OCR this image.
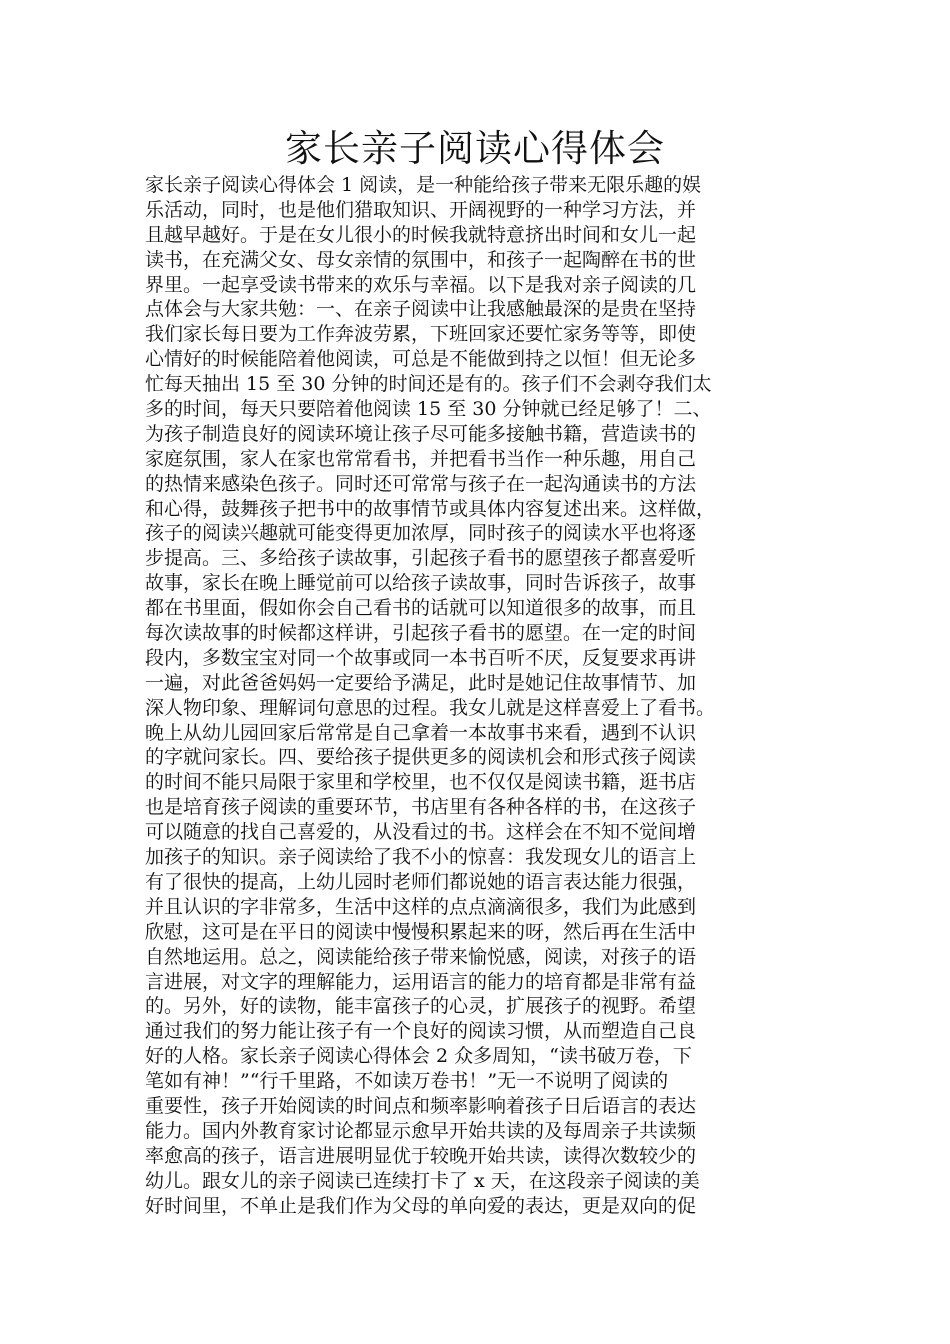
家长亲子阅读心得体会
家长亲子阅读心得体会 1 阅读，是一种能给孩子带来无限乐趣的娱
乐活动，同时，也是他们猎取知识、开阔视野的一种学习方法，并
且越早越好。于是在女儿很小的时候我就特意挤出时间和女儿一起
读书，在充满父女、母女亲情的氛围中，和孩子一起陶醉在书的世
界里。一起享受读书带来的欢乐与幸福。以下是我对亲子阅读的几
点体会与大家共勉：一、在亲子阅读中让我感触最深的是贵在坚持
我们家长每日要为工作奔波劳累，下班回家还要忙家务等等，即使
心情好的时候能陪着他阅读，可总是不能做到持之以恒！但无论多
忙每天抽出 15 至 30 分钟的时间还是有的。孩子们不会剥夺我们太
多的时间，每天只要陪着他阅读 15 至 30 分钟就已经足够了！二、
为孩子制造良好的阅读环境让孩子尽可能多接触书籍，营造读书的
家庭氛围，家人在家也常常看书，并把看书当作一种乐趣，用自己
的热情来感染色孩子。同时还可常常与孩子在一起沟通读书的方法
和心得，鼓舞孩子把书中的故事情节或具体内容复述出来。这样做，
孩子的阅读兴趣就可能变得更加浓厚，同时孩子的阅读水平也将逐
步提高。三、多给孩子读故事，引起孩子看书的愿望孩子都喜爱听
故事，家长在晚上睡觉前可以给孩子读故事，同时告诉孩子，故事
都在书里面，假如你会自己看书的话就可以知道很多的故事，而且
每次读故事的时候都这样讲，引起孩子看书的愿望。在一定的时间
段内，多数宝宝对同一个故事或同一本书百听不厌，反复要求再讲
一遍，对此爸爸妈妈一定要给予满足，此时是她记住故事情节、加
深人物印象、理解词句意思的过程。我女儿就是这样喜爱上了看书。
晚上从幼儿园回家后常常是自己拿着一本故事书来看，遇到不认识
的字就问家长。四、要给孩子提供更多的阅读机会和形式孩子阅读
的时间不能只局限于家里和学校里，也不仅仅是阅读书籍，逛书店
也是培育孩子阅读的重要环节，书店里有各种各样的书，在这孩子
可以随意的找自己喜爱的，从没看过的书。这样会在不知不觉间增
加孩子的知识。亲子阅读给了我不小的惊喜：我发现女儿的语言上
有了很快的提高，上幼儿园时老师们都说她的语言表达能力很强，
并且认识的字非常多，生活中这样的点点滴滴很多，我们为此感到
欣慰，这可是在平日的阅读中慢慢积累起来的呀，然后再在生活中
自然地运用。总之，阅读能给孩子带来愉悦感，阅读，对孩子的语
言进展，对文字的理解能力，运用语言的能力的培育都是非常有益
的。另外，好的读物，能丰富孩子的心灵，扩展孩子的视野。希望
通过我们的努力能让孩子有一个良好的阅读习惯，从而塑造自己良
好的人格。家长亲子阅读心得体会 2 众多周知，“读书破万卷，下
笔如有神！”“行千里路，不如读万卷书！”无一不说明了阅读的
重要性，孩子开始阅读的时间点和频率影响着孩子日后语言的表达
能力。国内外教育家讨论都显示愈早开始共读的及每周亲子共读频
率愈高的孩子，语言进展明显优于较晚开始共读，读得次数较少的
幼儿。跟女儿的亲子阅读已连续打卡了 x 天，在这段亲子阅读的美
好时间里，不单止是我们作为父母的单向爱的表达，更是双向的促
